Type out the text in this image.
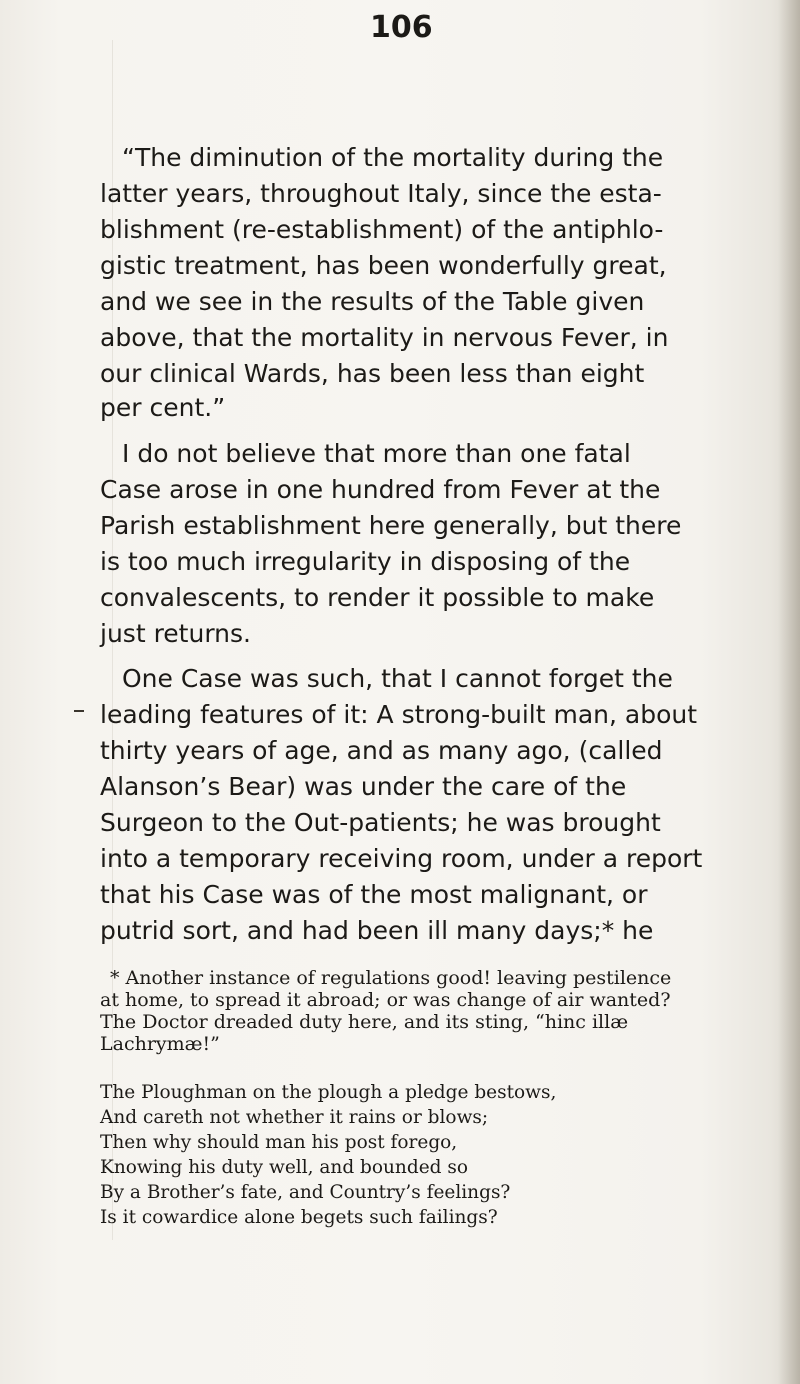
106
“The diminution of the mortality during the
latter years, throughout Italy, since the esta-
blishment (re-establishment) of the antiphlo-
gistic treatment, has been wonderfully great,
and we see in the results of the Table given
above, that the mortality in nervous Fever, in
our clinical Wards, has been less than eight
per cent.”
I do not believe that more than one fatal
Case arose in one hundred from Fever at the
Parish establishment here generally, but there
is too much irregularity in disposing of the
convalescents, to render it possible to make
just returns.
One Case was such, that I cannot forget the
leading features of it: A strong-built man, about
thirty years of age, and as many ago, (called
Alanson’s Bear) was under the care of the
Surgeon to the Out-patients; he was brought
into a temporary receiving room, under a report
that his Case was of the most malignant, or
putrid sort, and had been ill many days;* he
* Another instance of regulations good! leaving pestilence
at home, to spread it abroad; or was change of air wanted?
The Doctor dreaded duty here, and its sting, “hinc illæ
Lachrymæ!”
The Ploughman on the plough a pledge bestows,
And careth not whether it rains or blows;
Then why should man his post forego,
Knowing his duty well, and bounded so
By a Brother’s fate, and Country’s feelings?
Is it cowardice alone begets such failings?
